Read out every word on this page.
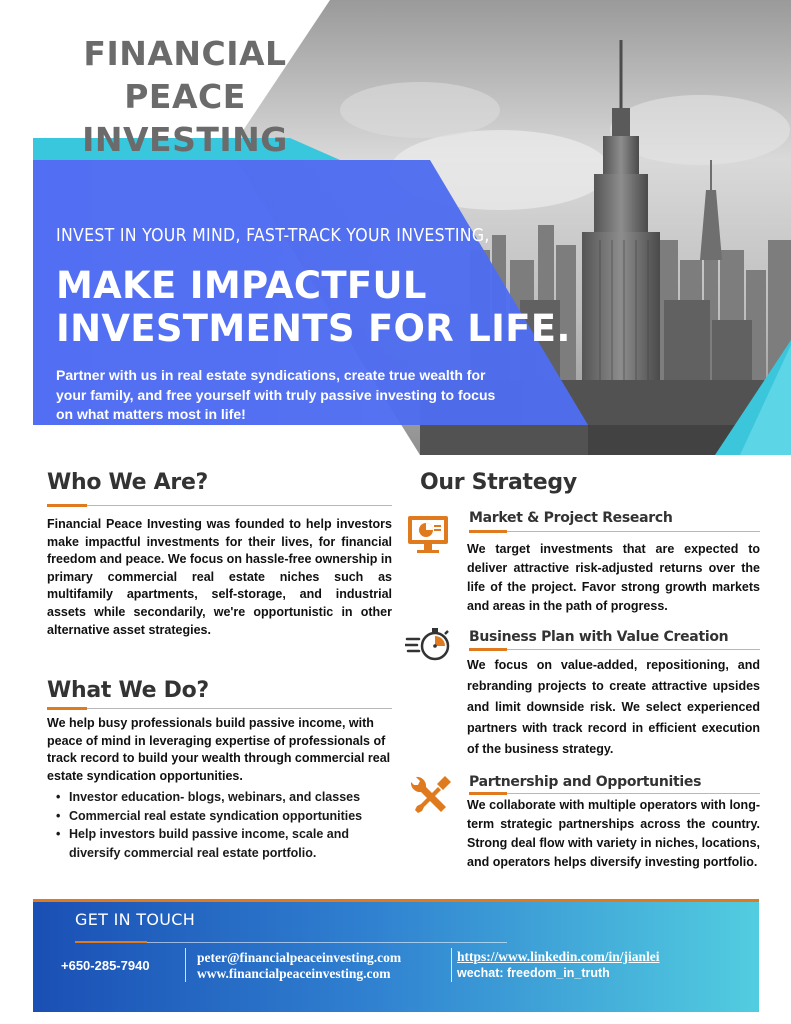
FINANCIAL PEACE
INVESTING
INVEST IN YOUR MIND, FAST-TRACK YOUR INVESTING,
MAKE IMPACTFUL
INVESTMENTS FOR LIFE.
Partner with us in real estate syndications, create true wealth for your family, and free yourself with truly passive investing to focus on what matters most in life!
Who We Are?
Financial Peace Investing was founded to help investors make impactful investments for their lives, for financial freedom and peace. We focus on hassle-free ownership in primary commercial real estate niches such as multifamily apartments, self-storage, and industrial assets while secondarily, we're opportunistic in other alternative asset strategies.
What We Do?
We help busy professionals build passive income, with peace of mind in leveraging expertise of professionals of track record to build your wealth through commercial real estate syndication opportunities.
• Investor education- blogs, webinars, and classes
• Commercial real estate syndication opportunities
• Help investors build passive income, scale and diversify commercial real estate portfolio.
Our Strategy
Market & Project Research
We target investments that are expected to deliver attractive risk-adjusted returns over the life of the project. Favor strong growth markets and areas in the path of progress.
Business Plan with Value Creation
We focus on value-added, repositioning, and rebranding projects to create attractive upsides and limit downside risk. We select experienced partners with track record in efficient execution of the business strategy.
Partnership and Opportunities
We collaborate with multiple operators with long-term strategic partnerships across the country. Strong deal flow with variety in niches, locations, and operators helps diversify investing portfolio.
GET IN TOUCH
+650-285-7940
peter@financialpeaceinvesting.com
www.financialpeaceinvesting.com
https://www.linkedin.com/in/jianlei
wechat: freedom_in_truth
